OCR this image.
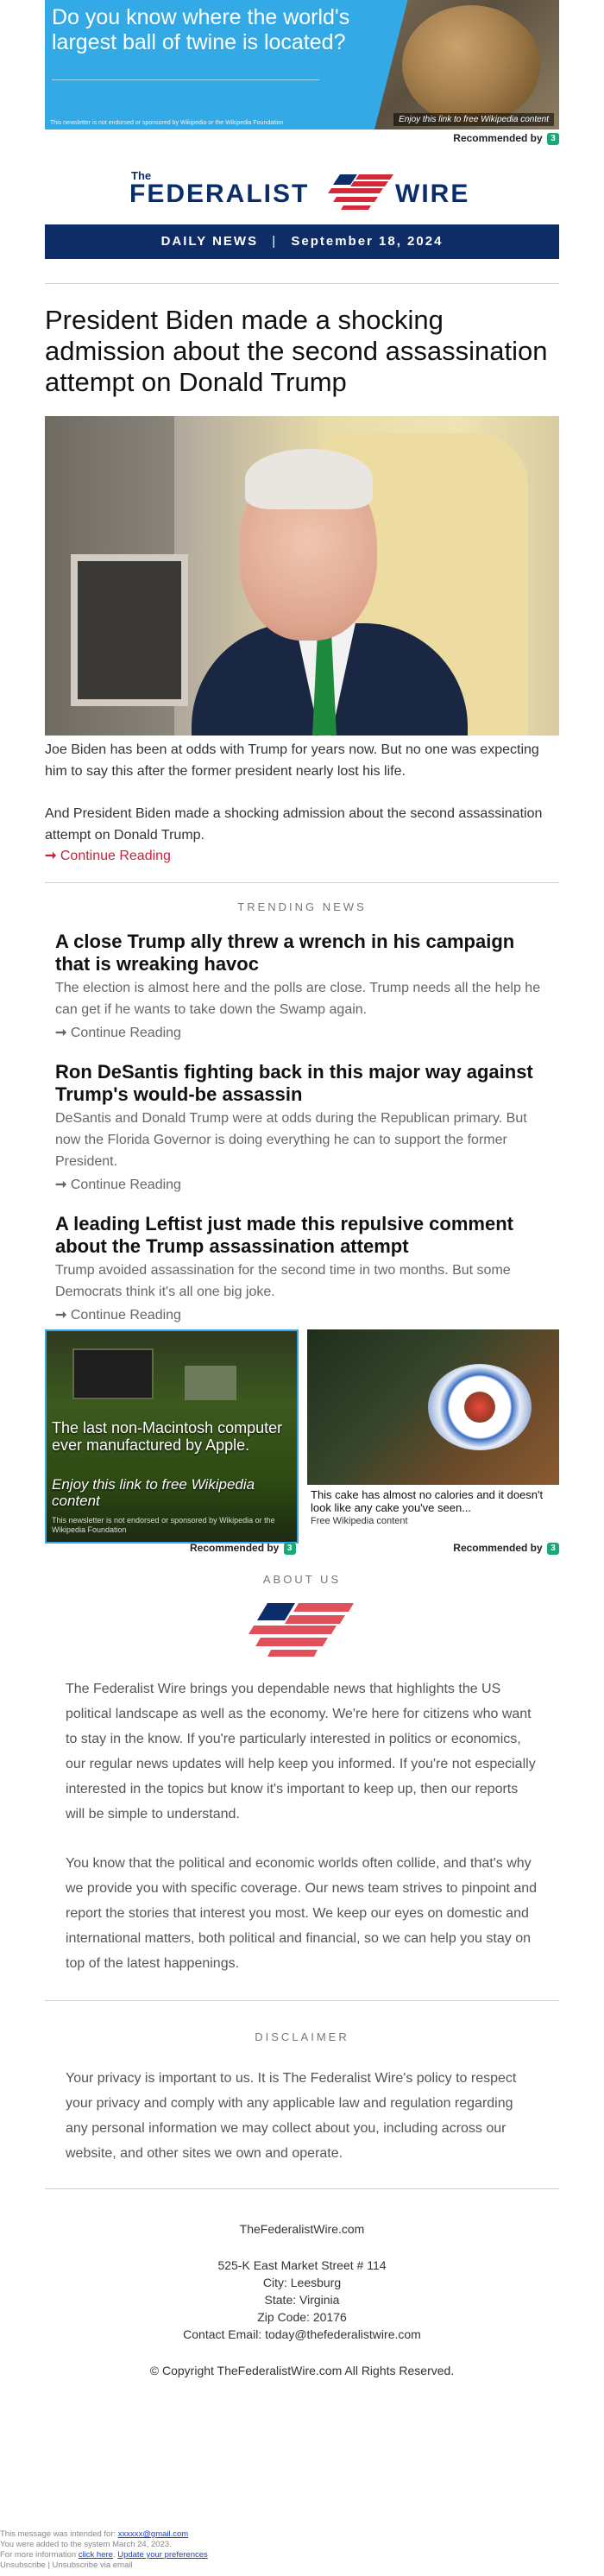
Do you know where the world's largest ball of twine is located?
This newsletter is not endorsed or sponsored by Wikipedia or the Wikipedia Foundation	Enjoy this link to free Wikipedia content
Recommended by 3
The
FEDERALIST	WIRE
DAILY NEWS | September 18, 2024
President Biden made a shocking admission about the second assassination attempt on Donald Trump

Joe Biden has been at odds with Trump for years now. But no one was expecting him to say this after the former president nearly lost his life.

And President Biden made a shocking admission about the second assassination attempt on Donald Trump.

➞ Continue Reading

TRENDING NEWS
A close Trump ally threw a wrench in his campaign that is wreaking havoc

The election is almost here and the polls are close. Trump needs all the help he can get if he wants to take down the Swamp again.

➞ Continue Reading

Ron DeSantis fighting back in this major way against Trump's would-be assassin

DeSantis and Donald Trump were at odds during the Republican primary. But now the Florida Governor is doing everything he can to support the former President.

➞ Continue Reading

A leading Leftist just made this repulsive comment about the Trump assassination attempt

Trump avoided assassination for the second time in two months. But some Democrats think it's all one big joke.

➞ Continue Reading

The last non-Macintosh computer ever manufactured by Apple.
Enjoy this link to free Wikipedia content
This newsletter is not endorsed or sponsored by Wikipedia or the Wikipedia Foundation
This cake has almost no calories and it doesn't look like any cake you've seen...
Free Wikipedia content
Recommended by 3	Recommended by 3
ABOUT US

The Federalist Wire brings you dependable news that highlights the US political landscape as well as the economy. We're here for citizens who want to stay in the know. If you're particularly interested in politics or economics, our regular news updates will help keep you informed. If you're not especially interested in the topics but know it's important to keep up, then our reports will be simple to understand.

You know that the political and economic worlds often collide, and that's why we provide you with specific coverage. Our news team strives to pinpoint and report the stories that interest you most. We keep our eyes on domestic and international matters, both political and financial, so we can help you stay on top of the latest happenings.

DISCLAIMER

Your privacy is important to us. It is The Federalist Wire's policy to respect your privacy and comply with any applicable law and regulation regarding any personal information we may collect about you, including across our website, and other sites we own and operate.

TheFederalistWire.com
525-K East Market Street # 114
City: Leesburg
State: Virginia
Zip Code: 20176
Contact Email: today@thefederalistwire.com
© Copyright TheFederalistWire.com All Rights Reserved.
This message was intended for: xxxxxx@gmail.com
You were added to the system March 24, 2023.
For more information click here. Update your preferences
Unsubscribe | Unsubscribe via email
